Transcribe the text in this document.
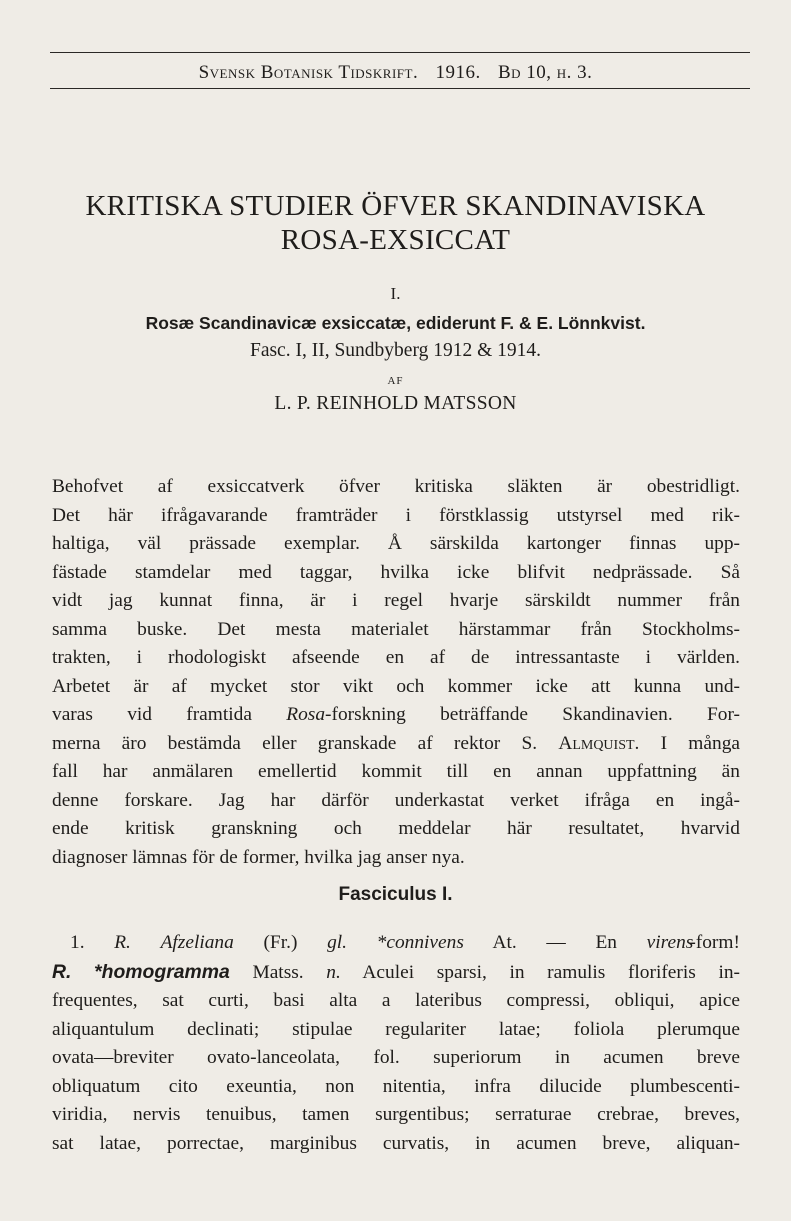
Svensk Botanisk Tidskrift. 1916. Bd 10, h. 3.
KRITISKA STUDIER ÖFVER SKANDINAVISKA
ROSA-EXSICCAT
I.
Rosæ Scandinavicæ exsiccatæ, ediderunt F. & E. Lönnkvist.
Fasc. I, II, Sundbyberg 1912 & 1914.
AF
L. P. REINHOLD MATSSON
Behofvet af exsiccatverk öfver kritiska släkten är obestridligt.
Det här ifrågavarande framträder i förstklassig utstyrsel med rik-
haltiga, väl prässade exemplar. Å särskilda kartonger finnas upp-
fästade stamdelar med taggar, hvilka icke blifvit nedprässade. Så
vidt jag kunnat finna, är i regel hvarje särskildt nummer från
samma buske. Det mesta materialet härstammar från Stockholms-
trakten, i rhodologiskt afseende en af de intressantaste i världen.
Arbetet är af mycket stor vikt och kommer icke att kunna und-
varas vid framtida Rosa-forskning beträffande Skandinavien. For-
merna äro bestämda eller granskade af rektor S. Almquist. I många
fall har anmälaren emellertid kommit till en annan uppfattning än
denne forskare. Jag har därför underkastat verket ifråga en ingå-
ende kritisk granskning och meddelar här resultatet, hvarvid
diagnoser lämnas för de former, hvilka jag anser nya.
Fasciculus I.
1. R. Afzeliana (Fr.) gl. *connivens At. — En virens-form!
R. *homogramma Matss. n. Aculei sparsi, in ramulis floriferis in-
frequentes, sat curti, basi alta a lateribus compressi, obliqui, apice
aliquantulum declinati; stipulae regulariter latae; foliola plerumque
ovata—breviter ovato-lanceolata, fol. superiorum in acumen breve
obliquatum cito exeuntia, non nitentia, infra dilucide plumbescenti-
viridia, nervis tenuibus, tamen surgentibus; serraturae crebrae, breves,
sat latae, porrectae, marginibus curvatis, in acumen breve, aliquan-
